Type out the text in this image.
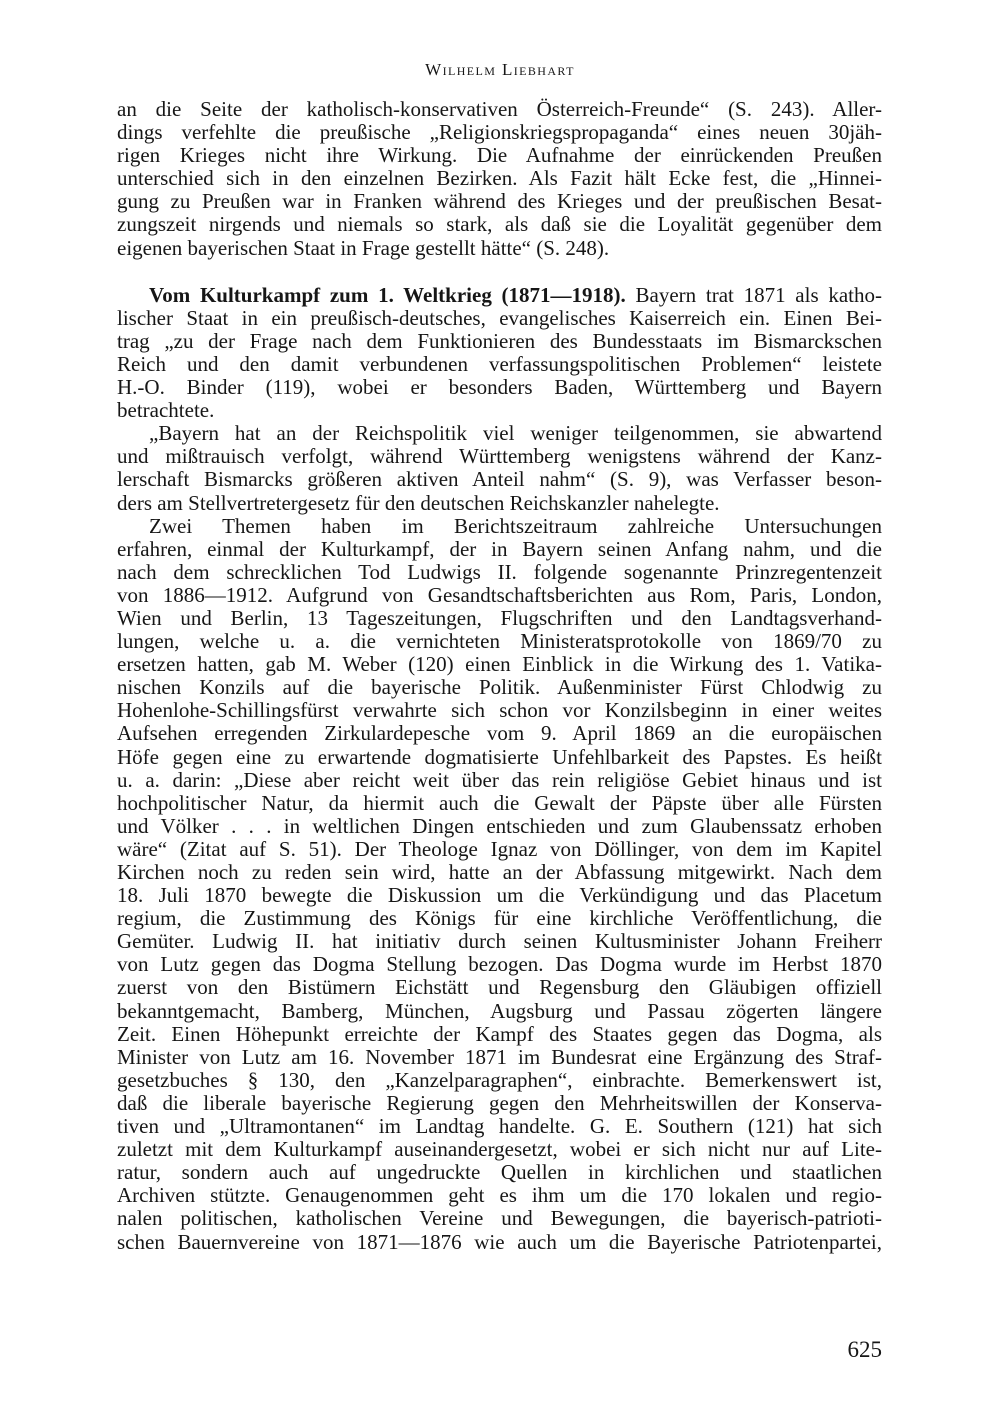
Wilhelm Liebhart

an die Seite der katholisch-konservativen Österreich-Freunde“ (S. 243). Aller-
dings verfehlte die preußische „Religionskriegspropaganda“ eines neuen 30jäh-
rigen Krieges nicht ihre Wirkung. Die Aufnahme der einrückenden Preußen
unterschied sich in den einzelnen Bezirken. Als Fazit hält Ecke fest, die „Hinnei-
gung zu Preußen war in Franken während des Krieges und der preußischen Besat-
zungszeit nirgends und niemals so stark, als daß sie die Loyalität gegenüber dem
eigenen bayerischen Staat in Frage gestellt hätte“ (S. 248).
Vom Kulturkampf zum 1. Weltkrieg (1871—1918). Bayern trat 1871 als katho-
lischer Staat in ein preußisch-deutsches, evangelisches Kaiserreich ein. Einen Bei-
trag „zu der Frage nach dem Funktionieren des Bundesstaats im Bismarckschen
Reich und den damit verbundenen verfassungspolitischen Problemen“ leistete
H.-O. Binder (119), wobei er besonders Baden, Württemberg und Bayern
betrachtete.
„Bayern hat an der Reichspolitik viel weniger teilgenommen, sie abwartend
und mißtrauisch verfolgt, während Württemberg wenigstens während der Kanz-
lerschaft Bismarcks größeren aktiven Anteil nahm“ (S. 9), was Verfasser beson-
ders am Stellvertretergesetz für den deutschen Reichskanzler nahelegte.
Zwei Themen haben im Berichtszeitraum zahlreiche Untersuchungen
erfahren, einmal der Kulturkampf, der in Bayern seinen Anfang nahm, und die
nach dem schrecklichen Tod Ludwigs II. folgende sogenannte Prinzregentenzeit
von 1886—1912. Aufgrund von Gesandtschaftsberichten aus Rom, Paris, London,
Wien und Berlin, 13 Tageszeitungen, Flugschriften und den Landtagsverhand-
lungen, welche u. a. die vernichteten Ministeratsprotokolle von 1869/70 zu
ersetzen hatten, gab M. Weber (120) einen Einblick in die Wirkung des 1. Vatika-
nischen Konzils auf die bayerische Politik. Außenminister Fürst Chlodwig zu
Hohenlohe-Schillingsfürst verwahrte sich schon vor Konzilsbeginn in einer weites
Aufsehen erregenden Zirkulardepesche vom 9. April 1869 an die europäischen
Höfe gegen eine zu erwartende dogmatisierte Unfehlbarkeit des Papstes. Es heißt
u. a. darin: „Diese aber reicht weit über das rein religiöse Gebiet hinaus und ist
hochpolitischer Natur, da hiermit auch die Gewalt der Päpste über alle Fürsten
und Völker . . . in weltlichen Dingen entschieden und zum Glaubenssatz erhoben
wäre“ (Zitat auf S. 51). Der Theologe Ignaz von Döllinger, von dem im Kapitel
Kirchen noch zu reden sein wird, hatte an der Abfassung mitgewirkt. Nach dem
18. Juli 1870 bewegte die Diskussion um die Verkündigung und das Placetum
regium, die Zustimmung des Königs für eine kirchliche Veröffentlichung, die
Gemüter. Ludwig II. hat initiativ durch seinen Kultusminister Johann Freiherr
von Lutz gegen das Dogma Stellung bezogen. Das Dogma wurde im Herbst 1870
zuerst von den Bistümern Eichstätt und Regensburg den Gläubigen offiziell
bekanntgemacht, Bamberg, München, Augsburg und Passau zögerten längere
Zeit. Einen Höhepunkt erreichte der Kampf des Staates gegen das Dogma, als
Minister von Lutz am 16. November 1871 im Bundesrat eine Ergänzung des Straf-
gesetzbuches § 130, den „Kanzelparagraphen“, einbrachte. Bemerkenswert ist,
daß die liberale bayerische Regierung gegen den Mehrheitswillen der Konserva-
tiven und „Ultramontanen“ im Landtag handelte. G. E. Southern (121) hat sich
zuletzt mit dem Kulturkampf auseinandergesetzt, wobei er sich nicht nur auf Lite-
ratur, sondern auch auf ungedruckte Quellen in kirchlichen und staatlichen
Archiven stützte. Genaugenommen geht es ihm um die 170 lokalen und regio-
nalen politischen, katholischen Vereine und Bewegungen, die bayerisch-patrioti-
schen Bauernvereine von 1871—1876 wie auch um die Bayerische Patriotenpartei,

625
